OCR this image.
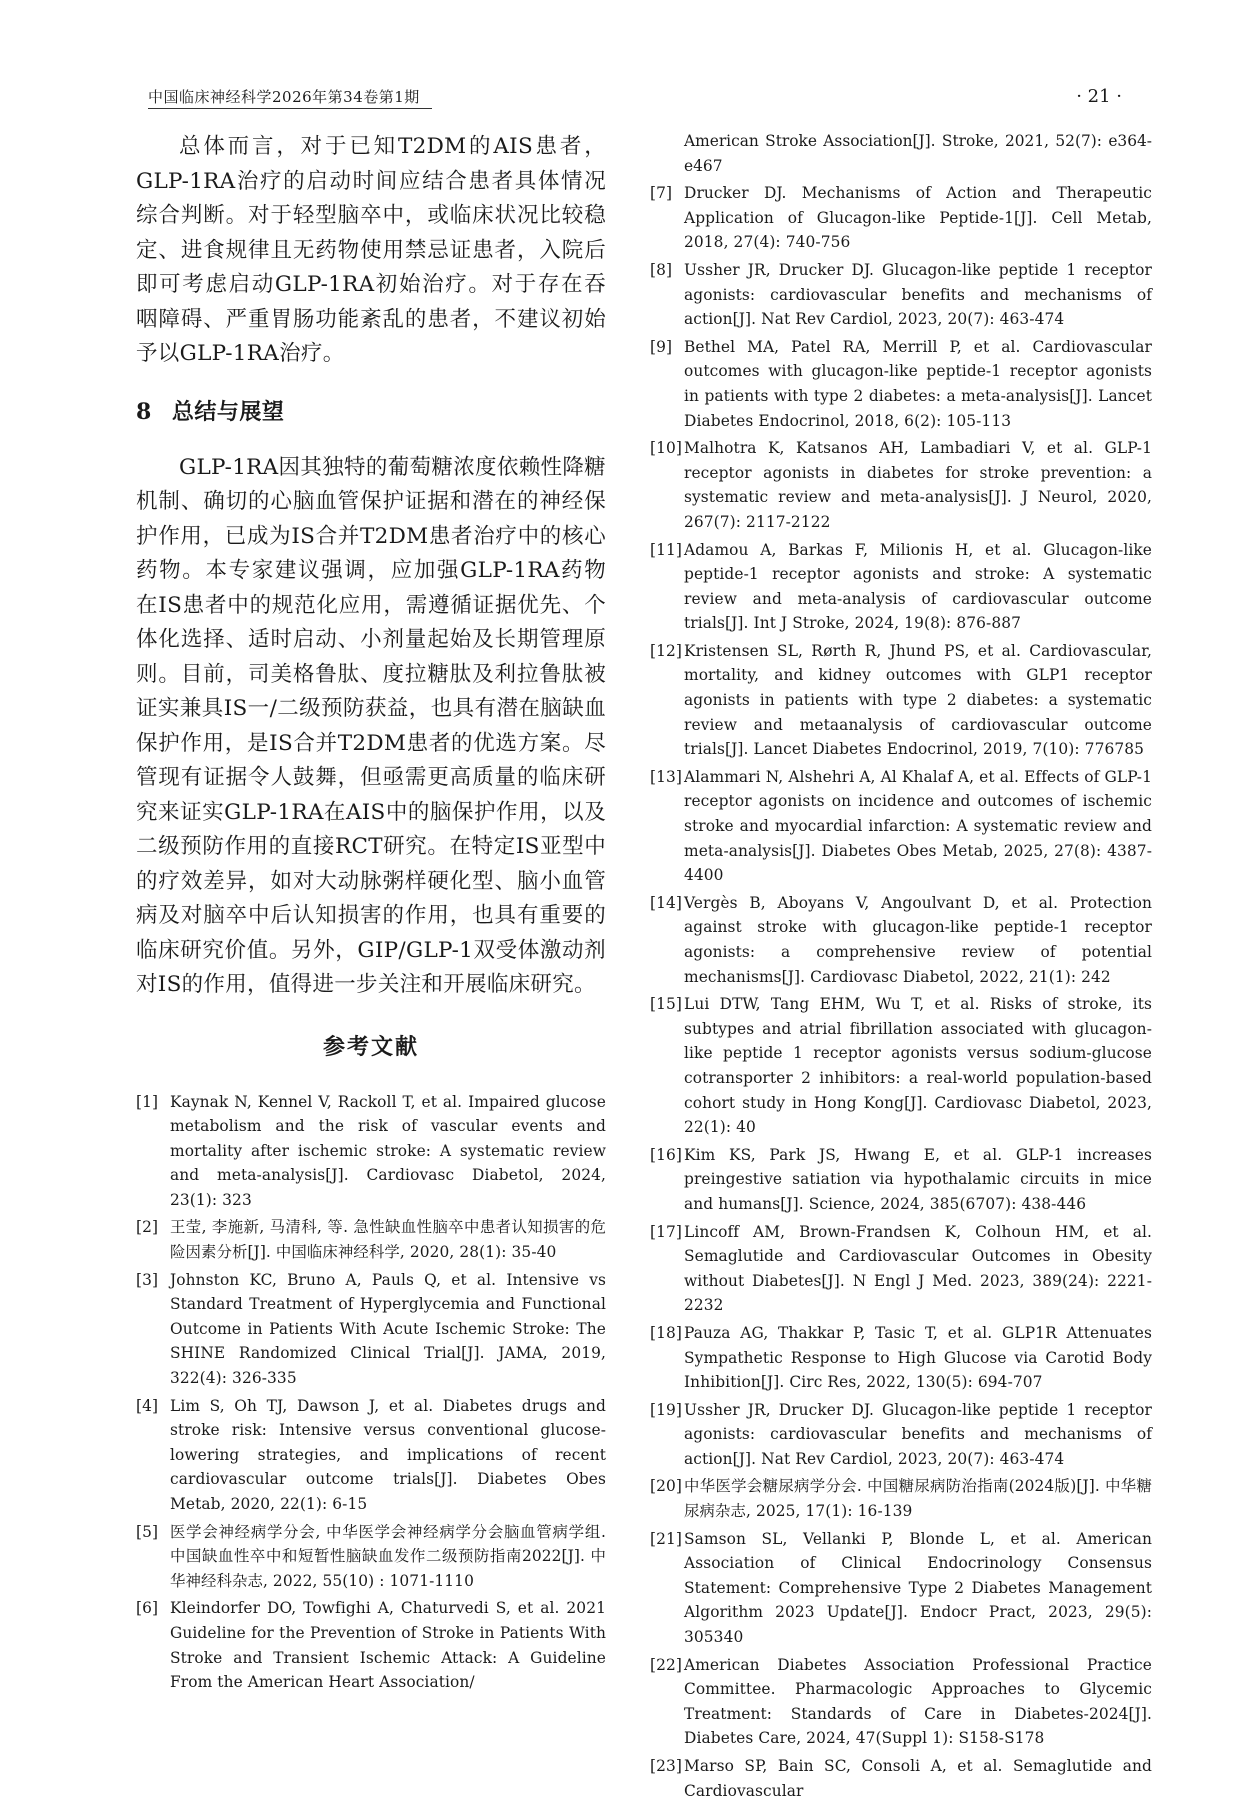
中国临床神经科学2026年第34卷第1期	· 21 ·

总体而言，对于已知T2DM的AIS患者，GLP-1RA治疗的启动时间应结合患者具体情况综合判断。对于轻型脑卒中，或临床状况比较稳定、进食规律且无药物使用禁忌证患者，入院后即可考虑启动GLP-1RA初始治疗。对于存在吞咽障碍、严重胃肠功能紊乱的患者，不建议初始予以GLP-1RA治疗。

8 总结与展望

GLP-1RA因其独特的葡萄糖浓度依赖性降糖机制、确切的心脑血管保护证据和潜在的神经保护作用，已成为IS合并T2DM患者治疗中的核心药物。本专家建议强调，应加强GLP-1RA药物在IS患者中的规范化应用，需遵循证据优先、个体化选择、适时启动、小剂量起始及长期管理原则。目前，司美格鲁肽、度拉糖肽及利拉鲁肽被证实兼具IS一/二级预防获益，也具有潜在脑缺血保护作用，是IS合并T2DM患者的优选方案。尽管现有证据令人鼓舞，但亟需更高质量的临床研究来证实GLP-1RA在AIS中的脑保护作用，以及二级预防作用的直接RCT研究。在特定IS亚型中的疗效差异，如对大动脉粥样硬化型、脑小血管病及对脑卒中后认知损害的作用，也具有重要的临床研究价值。另外，GIP/GLP-1双受体激动剂对IS的作用，值得进一步关注和开展临床研究。

参考文献
[1] Kaynak N, Kennel V, Rackoll T, et al. Impaired glucose metabolism and the risk of vascular events and mortality after ischemic stroke: A systematic review and meta-analysis[J]. Cardiovasc Diabetol, 2024, 23(1): 323
[2] 王莹, 李施新, 马清科, 等. 急性缺血性脑卒中患者认知损害的危险因素分析[J]. 中国临床神经科学, 2020, 28(1): 35-40
[3] Johnston KC, Bruno A, Pauls Q, et al. Intensive vs Standard Treatment of Hyperglycemia and Functional Outcome in Patients With Acute Ischemic Stroke: The SHINE Randomized Clinical Trial[J]. JAMA, 2019, 322(4): 326-335
[4] Lim S, Oh TJ, Dawson J, et al. Diabetes drugs and stroke risk: Intensive versus conventional glucose-lowering strategies, and implications of recent cardiovascular outcome trials[J]. Diabetes Obes Metab, 2020, 22(1): 6-15
[5] 医学会神经病学分会, 中华医学会神经病学分会脑血管病学组. 中国缺血性卒中和短暂性脑缺血发作二级预防指南2022[J]. 中华神经科杂志, 2022, 55(10) : 1071-1110
[6] Kleindorfer DO, Towfighi A, Chaturvedi S, et al. 2021 Guideline for the Prevention of Stroke in Patients With Stroke and Transient Ischemic Attack: A Guideline From the American Heart Association/
American Stroke Association[J]. Stroke, 2021, 52(7): e364-e467
[7] Drucker DJ. Mechanisms of Action and Therapeutic Application of Glucagon-like Peptide-1[J]. Cell Metab, 2018, 27(4): 740-756
[8] Ussher JR, Drucker DJ. Glucagon-like peptide 1 receptor agonists: cardiovascular benefits and mechanisms of action[J]. Nat Rev Cardiol, 2023, 20(7): 463-474
[9] Bethel MA, Patel RA, Merrill P, et al. Cardiovascular outcomes with glucagon-like peptide-1 receptor agonists in patients with type 2 diabetes: a meta-analysis[J]. Lancet Diabetes Endocrinol, 2018, 6(2): 105-113
[10] Malhotra K, Katsanos AH, Lambadiari V, et al. GLP-1 receptor agonists in diabetes for stroke prevention: a systematic review and meta-analysis[J]. J Neurol, 2020, 267(7): 2117-2122
[11] Adamou A, Barkas F, Milionis H, et al. Glucagon-like peptide-1 receptor agonists and stroke: A systematic review and meta-analysis of cardiovascular outcome trials[J]. Int J Stroke, 2024, 19(8): 876-887
[12] Kristensen SL, Rørth R, Jhund PS, et al. Cardiovascular, mortality, and kidney outcomes with GLP1 receptor agonists in patients with type 2 diabetes: a systematic review and metaanalysis of cardiovascular outcome trials[J]. Lancet Diabetes Endocrinol, 2019, 7(10): 776785
[13] Alammari N, Alshehri A, Al Khalaf A, et al. Effects of GLP-1 receptor agonists on incidence and outcomes of ischemic stroke and myocardial infarction: A systematic review and meta-analysis[J]. Diabetes Obes Metab, 2025, 27(8): 4387-4400
[14] Vergès B, Aboyans V, Angoulvant D, et al. Protection against stroke with glucagon-like peptide-1 receptor agonists: a comprehensive review of potential mechanisms[J]. Cardiovasc Diabetol, 2022, 21(1): 242
[15] Lui DTW, Tang EHM, Wu T, et al. Risks of stroke, its subtypes and atrial fibrillation associated with glucagon-like peptide 1 receptor agonists versus sodium-glucose cotransporter 2 inhibitors: a real-world population-based cohort study in Hong Kong[J]. Cardiovasc Diabetol, 2023, 22(1): 40
[16] Kim KS, Park JS, Hwang E, et al. GLP-1 increases preingestive satiation via hypothalamic circuits in mice and humans[J]. Science, 2024, 385(6707): 438-446
[17] Lincoff AM, Brown-Frandsen K, Colhoun HM, et al. Semaglutide and Cardiovascular Outcomes in Obesity without Diabetes[J]. N Engl J Med. 2023, 389(24): 2221-2232
[18] Pauza AG, Thakkar P, Tasic T, et al. GLP1R Attenuates Sympathetic Response to High Glucose via Carotid Body Inhibition[J]. Circ Res, 2022, 130(5): 694-707
[19] Ussher JR, Drucker DJ. Glucagon-like peptide 1 receptor agonists: cardiovascular benefits and mechanisms of action[J]. Nat Rev Cardiol, 2023, 20(7): 463-474
[20] 中华医学会糖尿病学分会. 中国糖尿病防治指南(2024版)[J]. 中华糖尿病杂志, 2025, 17(1): 16-139
[21] Samson SL, Vellanki P, Blonde L, et al. American Association of Clinical Endocrinology Consensus Statement: Comprehensive Type 2 Diabetes Management Algorithm 2023 Update[J]. Endocr Pract, 2023, 29(5): 305340
[22] American Diabetes Association Professional Practice Committee. Pharmacologic Approaches to Glycemic Treatment: Standards of Care in Diabetes-2024[J]. Diabetes Care, 2024, 47(Suppl 1): S158-S178
[23] Marso SP, Bain SC, Consoli A, et al. Semaglutide and Cardiovascular
